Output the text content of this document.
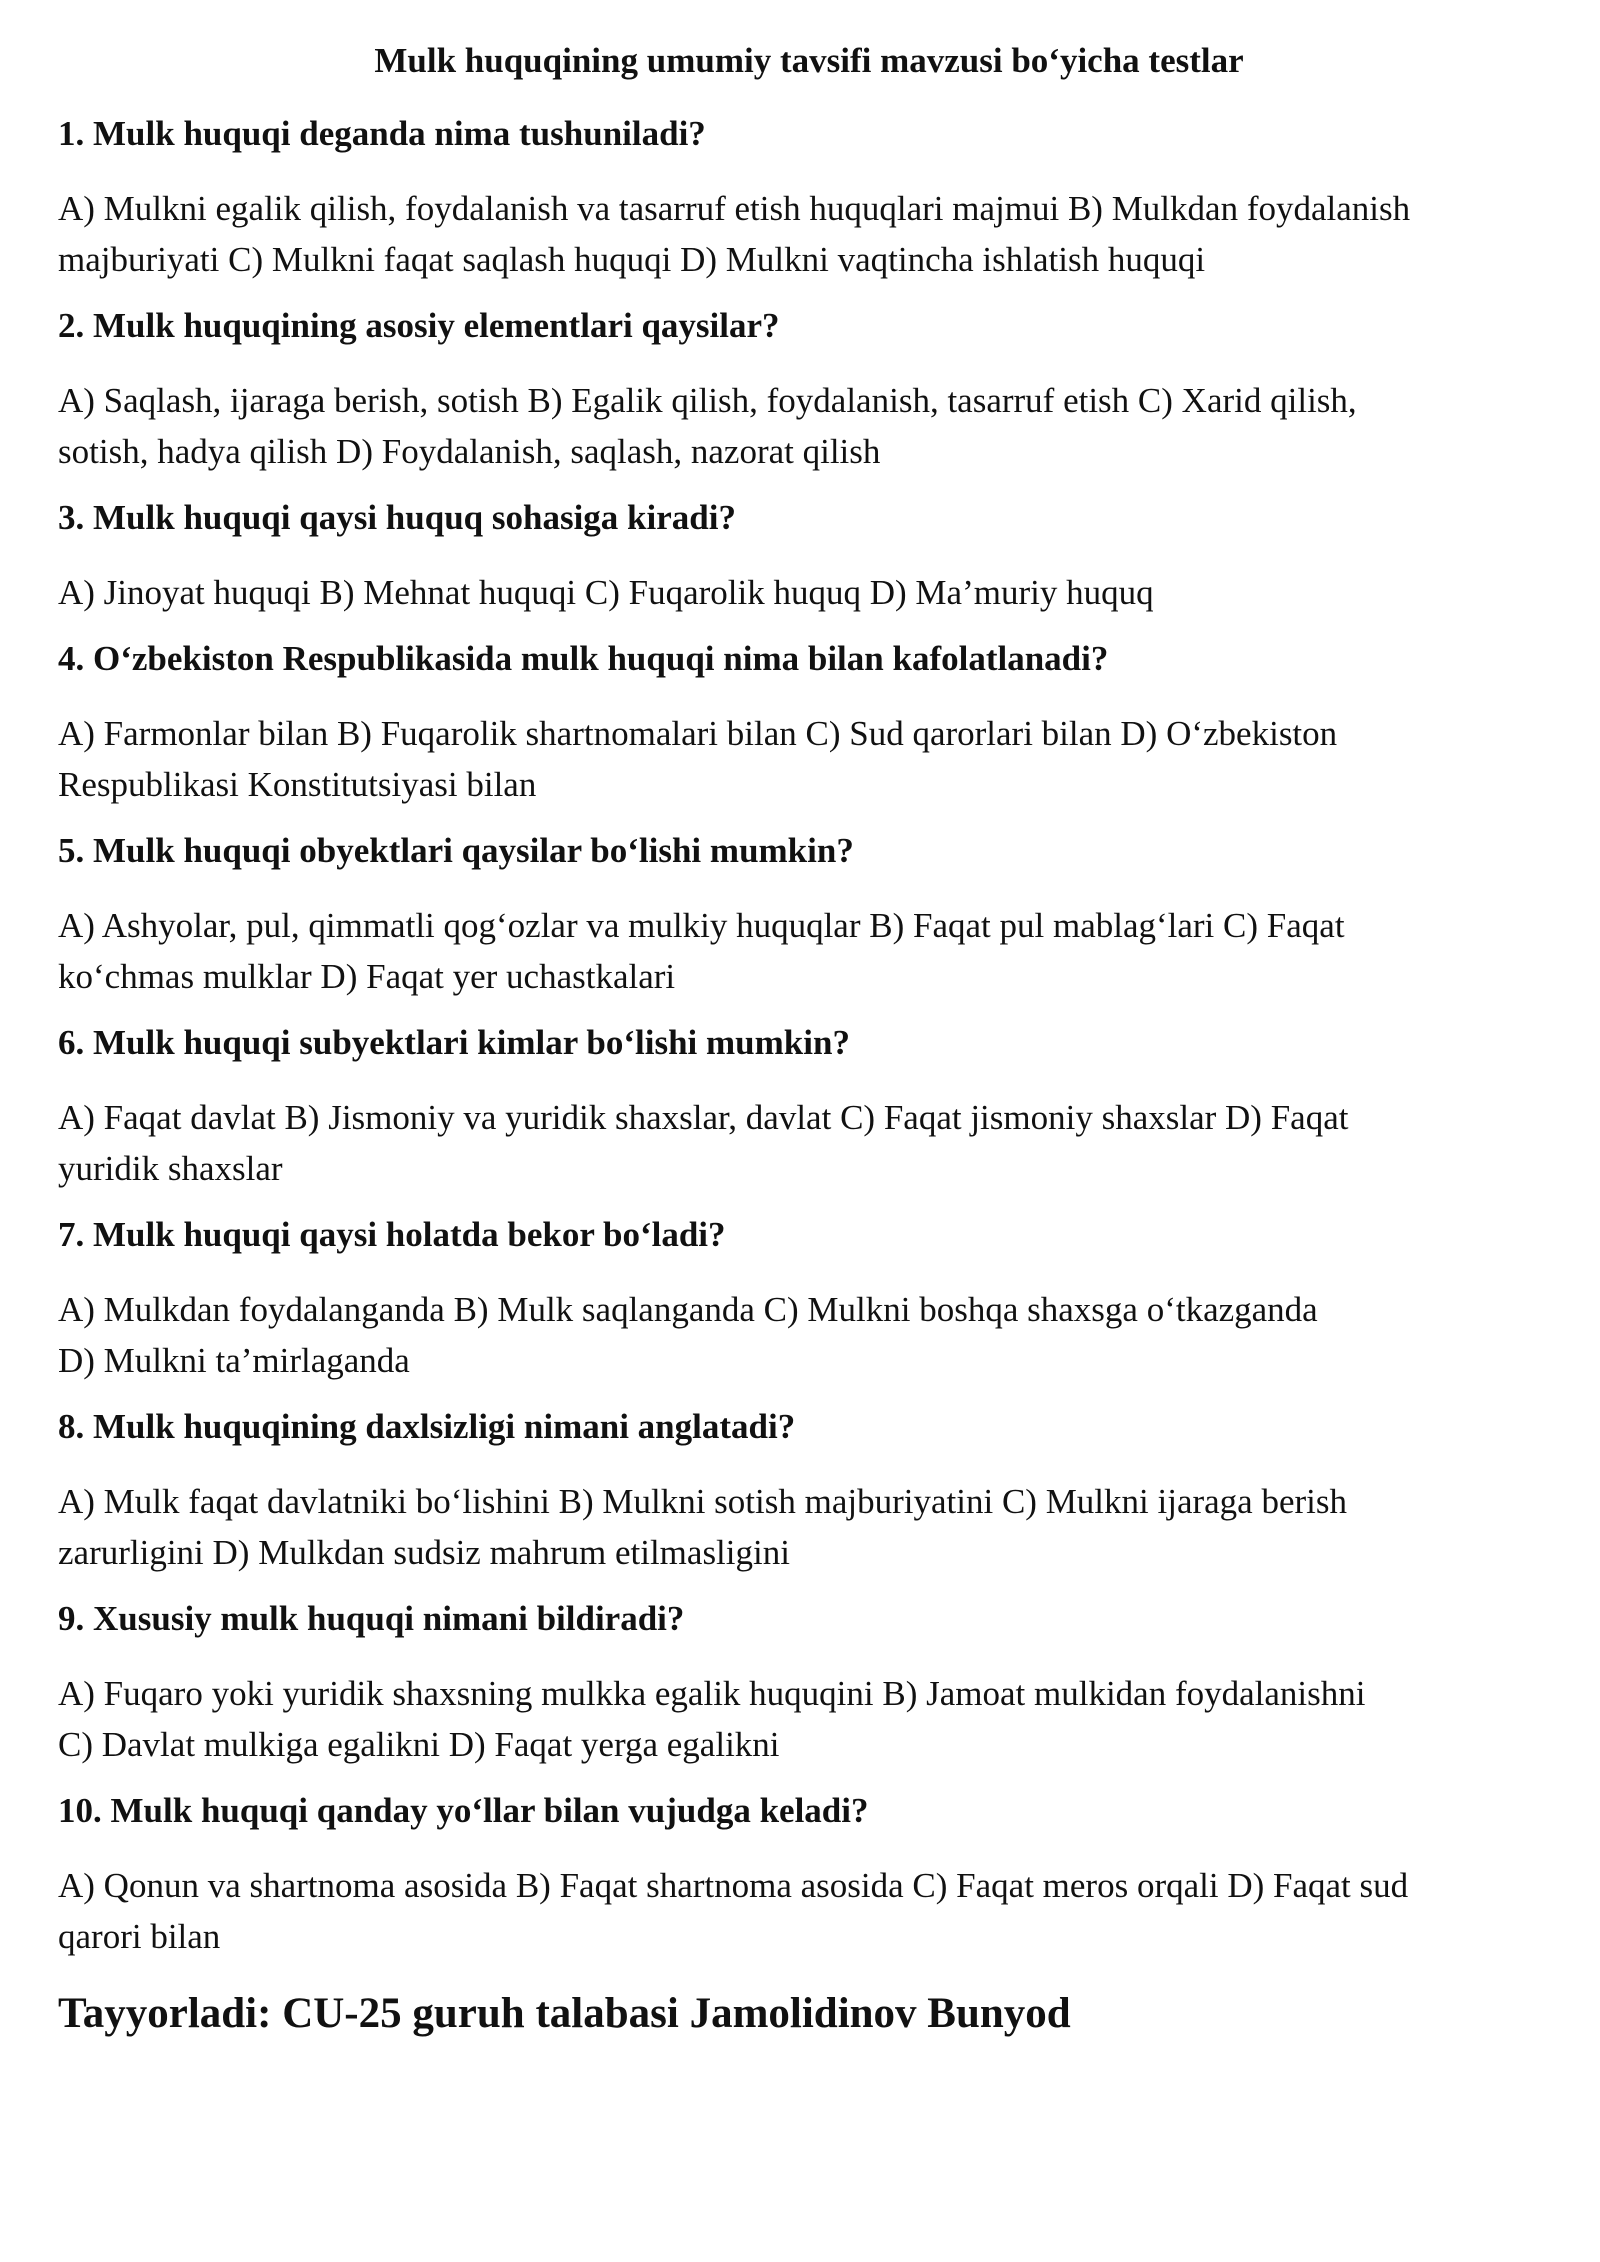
Mulk huquqining umumiy tavsifi mavzusi bo‘yicha testlar
1. Mulk huquqi deganda nima tushuniladi?
A) Mulkni egalik qilish, foydalanish va tasarruf etish huquqlari majmui B) Mulkdan foydalanish
majburiyati C) Mulkni faqat saqlash huquqi D) Mulkni vaqtincha ishlatish huquqi
2. Mulk huquqining asosiy elementlari qaysilar?
A) Saqlash, ijaraga berish, sotish B) Egalik qilish, foydalanish, tasarruf etish C) Xarid qilish,
sotish, hadya qilish D) Foydalanish, saqlash, nazorat qilish
3. Mulk huquqi qaysi huquq sohasiga kiradi?
A) Jinoyat huquqi B) Mehnat huquqi C) Fuqarolik huquq D) Ma’muriy huquq
4. O‘zbekiston Respublikasida mulk huquqi nima bilan kafolatlanadi?
A) Farmonlar bilan B) Fuqarolik shartnomalari bilan C) Sud qarorlari bilan D) O‘zbekiston
Respublikasi Konstitutsiyasi bilan
5. Mulk huquqi obyektlari qaysilar bo‘lishi mumkin?
A) Ashyolar, pul, qimmatli qog‘ozlar va mulkiy huquqlar B) Faqat pul mablag‘lari C) Faqat
ko‘chmas mulklar D) Faqat yer uchastkalari
6. Mulk huquqi subyektlari kimlar bo‘lishi mumkin?
A) Faqat davlat B) Jismoniy va yuridik shaxslar, davlat C) Faqat jismoniy shaxslar D) Faqat
yuridik shaxslar
7. Mulk huquqi qaysi holatda bekor bo‘ladi?
A) Mulkdan foydalanganda B) Mulk saqlanganda C) Mulkni boshqa shaxsga o‘tkazganda
D) Mulkni ta’mirlaganda
8. Mulk huquqining daxlsizligi nimani anglatadi?
A) Mulk faqat davlatniki bo‘lishini B) Mulkni sotish majburiyatini C) Mulkni ijaraga berish
zarurligini D) Mulkdan sudsiz mahrum etilmasligini
9. Xususiy mulk huquqi nimani bildiradi?
A) Fuqaro yoki yuridik shaxsning mulkka egalik huquqini B) Jamoat mulkidan foydalanishni
C) Davlat mulkiga egalikni D) Faqat yerga egalikni
10. Mulk huquqi qanday yo‘llar bilan vujudga keladi?
A) Qonun va shartnoma asosida B) Faqat shartnoma asosida C) Faqat meros orqali D) Faqat sud
qarori bilan
Tayyorladi: CU-25 guruh talabasi Jamolidinov Bunyod
